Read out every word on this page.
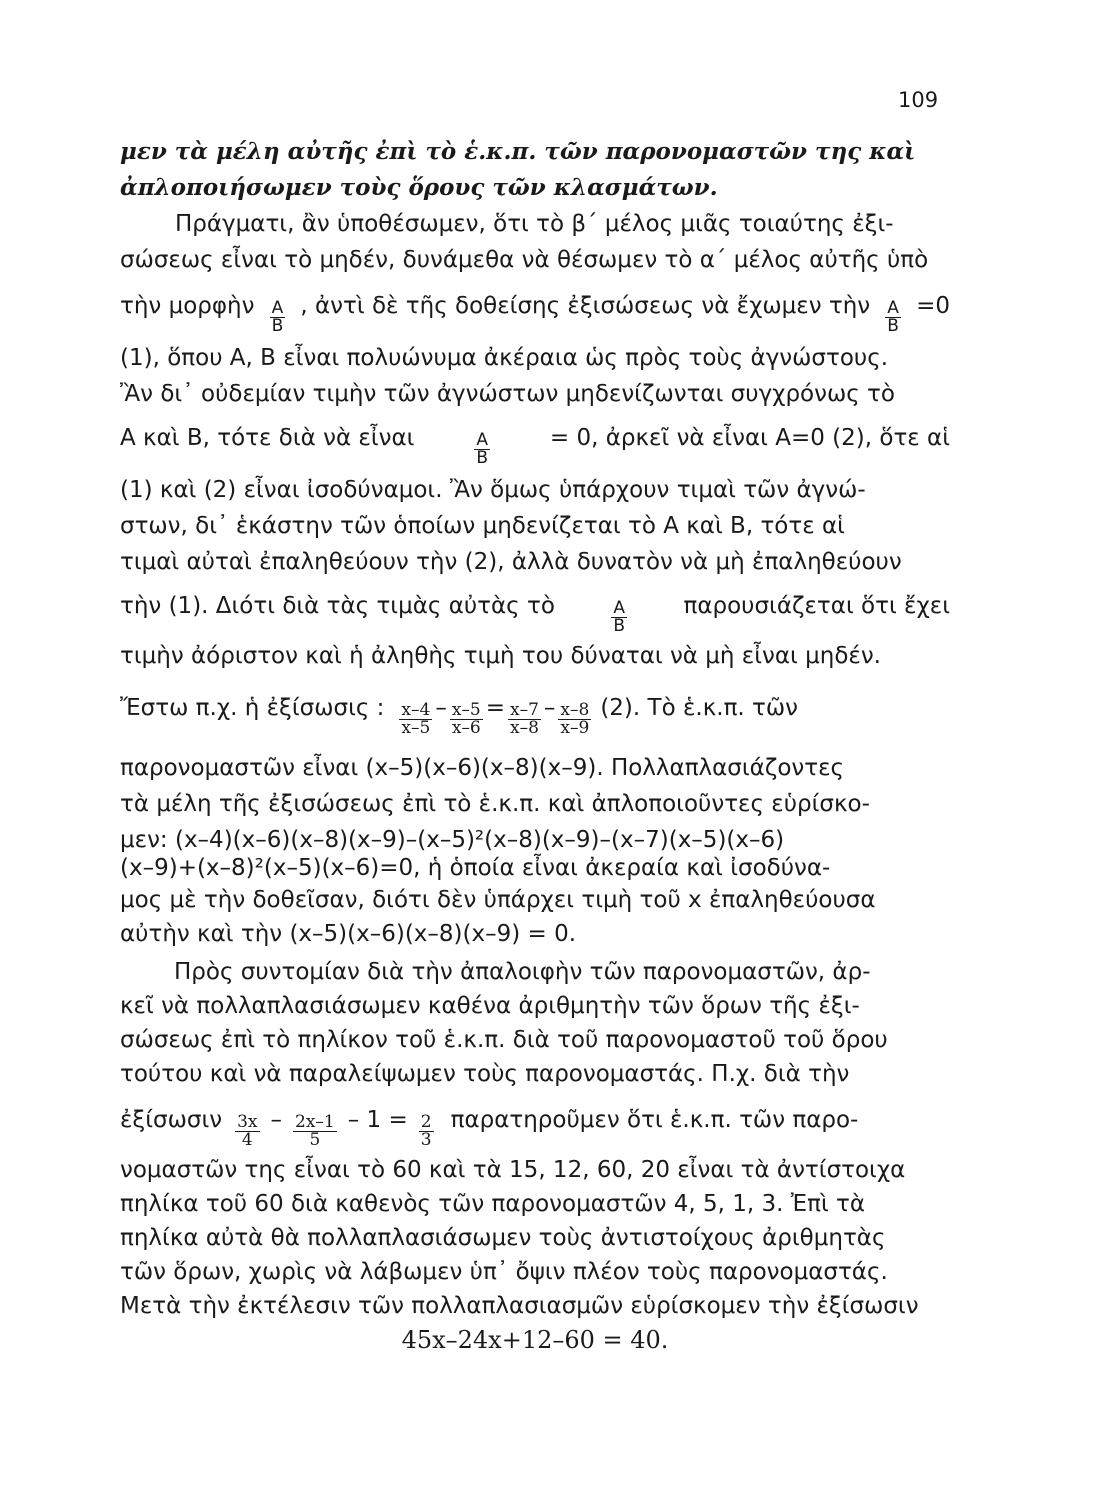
109
μεν τὰ μέλη αὐτῆς ἐπὶ τὸ ἑ.κ.π. τῶν παρονομαστῶν της καὶ
ἀπλοποιήσωμεν τοὺς ὅρους τῶν κλασμάτων.
Πράγματι, ἂν ὑποθέσωμεν, ὅτι τὸ β΄ μέλος μιᾶς τοιαύτης ἐξι-
σώσεως εἶναι τὸ μηδέν, δυνάμεθα νὰ θέσωμεν τὸ α΄ μέλος αὐτῆς ὑπὸ
τὴν μορφὴν $\frac{A}{B}$ , ἀντὶ δὲ τῆς δοθείσης ἐξισώσεως νὰ ἔχωμεν τὴν $\frac{A}{B} =0$
(1), ὅπου Α, Β εἶναι πολυώνυμα ἀκέραια ὡς πρὸς τοὺς ἀγνώστους.
Ἂν δι᾽ οὐδεμίαν τιμὴν τῶν ἀγνώστων μηδενίζωνται συγχρόνως τὸ
Α καὶ Β, τότε διὰ νὰ εἶναι	$\frac{A}{B}$	= 0, ἀρκεῖ νὰ εἶναι Α=0 (2), ὅτε αἱ
(1) καὶ (2) εἶναι ἰσοδύναμοι. Ἂν ὅμως ὑπάρχουν τιμαὶ τῶν ἀγνώ-
στων, δι᾽ ἑκάστην τῶν ὁποίων μηδενίζεται τὸ Α καὶ Β, τότε αἱ
τιμαὶ αὐταὶ ἐπαληθεύουν τὴν (2), ἀλλὰ δυνατὸν νὰ μὴ ἐπαληθεύουν
τὴν (1). Διότι διὰ τὰς τιμὰς αὐτὰς τὸ	$\frac{A}{B}$ παρουσιάζεται ὅτι ἔχει
τιμὴν ἀόριστον καὶ ἡ ἀληθὴς τιμὴ του δύναται νὰ μὴ εἶναι μηδέν.
Ἔστω π.χ. ἡ ἐξίσωσις : $\frac{x-4}{x-5} - \frac{x-5}{x-6} = \frac{x-7}{x-8} - \frac{x-8}{x-9} (2)$. Τὸ ἑ.κ.π. τῶν
παρονομαστῶν εἶναι (x–5)(x–6)(x–8)(x–9). Πολλαπλασιάζοντες
τὰ μέλη τῆς ἐξισώσεως ἐπὶ τὸ ἑ.κ.π. καὶ ἀπλοποιοῦντες εὑρίσκο-
μεν: (x–4)(x–6)(x–8)(x–9)–(x–5)²(x–8)(x–9)–(x–7)(x–5)(x–6)
(x–9)+(x–8)²(x–5)(x–6)=0, ἡ ὁποία εἶναι ἀκεραία καὶ ἰσοδύνα-
μος μὲ τὴν δοθεῖσαν, διότι δὲν ὑπάρχει τιμὴ τοῦ x ἐπαληθεύουσα
αὐτὴν καὶ τὴν (x–5)(x–6)(x–8)(x–9) = 0.
Πρὸς συντομίαν διὰ τὴν ἀπαλοιφὴν τῶν παρονομαστῶν, ἀρ-
κεῖ νὰ πολλαπλασιάσωμεν καθένα ἀριθμητὴν τῶν ὅρων τῆς ἐξι-
σώσεως ἐπὶ τὸ πηλίκον τοῦ ἑ.κ.π. διὰ τοῦ παρονομαστοῦ τοῦ ὅρου
τούτου καὶ νὰ παραλείψωμεν τοὺς παρονομαστάς. Π.χ. διὰ τὴν
ἐξίσωσιν $\frac{3x}{4} - \frac{2x-1}{5} - 1 = \frac{2}{3}$ παρατηροῦμεν ὅτι ἑ.κ.π. τῶν παρο-
νομαστῶν της εἶναι τὸ 60 καὶ τὰ 15, 12, 60, 20 εἶναι τὰ ἀντίστοιχα
πηλίκα τοῦ 60 διὰ καθενὸς τῶν παρονομαστῶν 4, 5, 1, 3. Ἐπὶ τὰ
πηλίκα αὐτὰ θὰ πολλαπλασιάσωμεν τοὺς ἀντιστοίχους ἀριθμητὰς
τῶν ὅρων, χωρὶς νὰ λάβωμεν ὑπ᾽ ὄψιν πλέον τοὺς παρονομαστάς.
Μετὰ τὴν ἐκτέλεσιν τῶν πολλαπλασιασμῶν εὑρίσκομεν τὴν ἐξίσωσιν
45x–24x+12–60 = 40.
